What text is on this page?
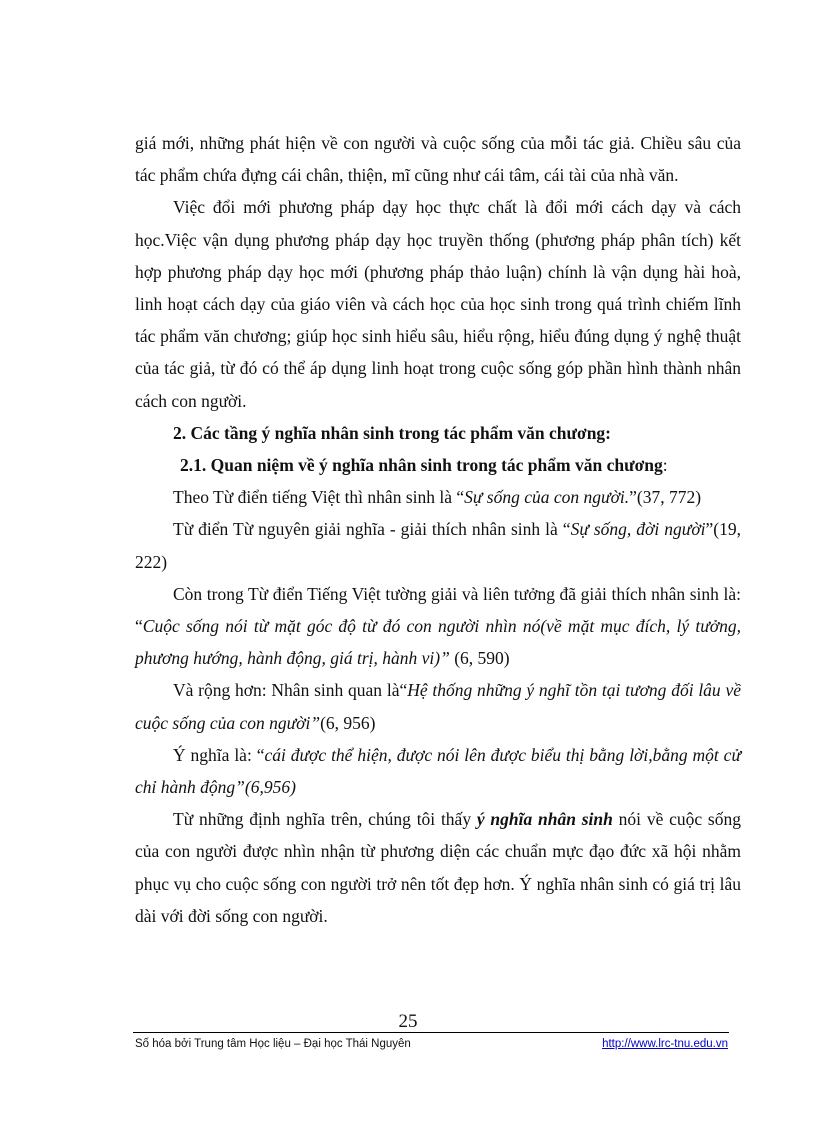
giá mới, những phát hiện về con người và cuộc sống của mỗi tác giả. Chiều sâu của tác phẩm chứa đựng cái chân, thiện, mĩ cũng như cái tâm, cái tài của nhà văn.

Việc đổi mới phương pháp dạy học thực chất là đổi mới cách dạy và cách học.Việc vận dụng phương pháp dạy học truyền thống (phương pháp phân tích) kết hợp phương pháp dạy học mới (phương pháp thảo luận) chính là vận dụng hài hoà, linh hoạt cách dạy của giáo viên và cách học của học sinh trong quá trình chiếm lĩnh tác phẩm văn chương; giúp học sinh hiểu sâu, hiểu rộng, hiểu đúng dụng ý nghệ thuật của tác giả, từ đó có thể áp dụng linh hoạt trong cuộc sống góp phần hình thành nhân cách con người.

2. Các tầng ý nghĩa nhân sinh trong tác phẩm văn chương:

2.1. Quan niệm về ý nghĩa nhân sinh trong tác phẩm văn chương:

Theo Từ điển tiếng Việt thì nhân sinh là “Sự sống của con người.”(37, 772)

Từ điển Từ nguyên giải nghĩa - giải thích nhân sinh là “Sự sống, đời người”(19, 222)

Còn trong Từ điển Tiếng Việt tường giải và liên tưởng đã giải thích nhân sinh là: “Cuộc sống nói từ mặt góc độ từ đó con người nhìn nó(về mặt mục đích, lý tưởng, phương hướng, hành động, giá trị, hành vi)” (6, 590)

Và rộng hơn: Nhân sinh quan là“Hệ thống những ý nghĩ tồn tại tương đối lâu về cuộc sống của con người”(6, 956)

Ý nghĩa là: “cái được thể hiện, được nói lên được biểu thị bằng lời,bằng một cử chỉ hành động”(6,956)

Từ những định nghĩa trên, chúng tôi thấy ý nghĩa nhân sinh nói về cuộc sống của con người được nhìn nhận từ phương diện các chuẩn mực đạo đức xã hội nhằm phục vụ cho cuộc sống con người trở nên tốt đẹp hơn. Ý nghĩa nhân sinh có giá trị lâu dài với đời sống con người.

25
Số hóa bởi Trung tâm Học liệu – Đại học Thái Nguyên	http://www.lrc-tnu.edu.vn
